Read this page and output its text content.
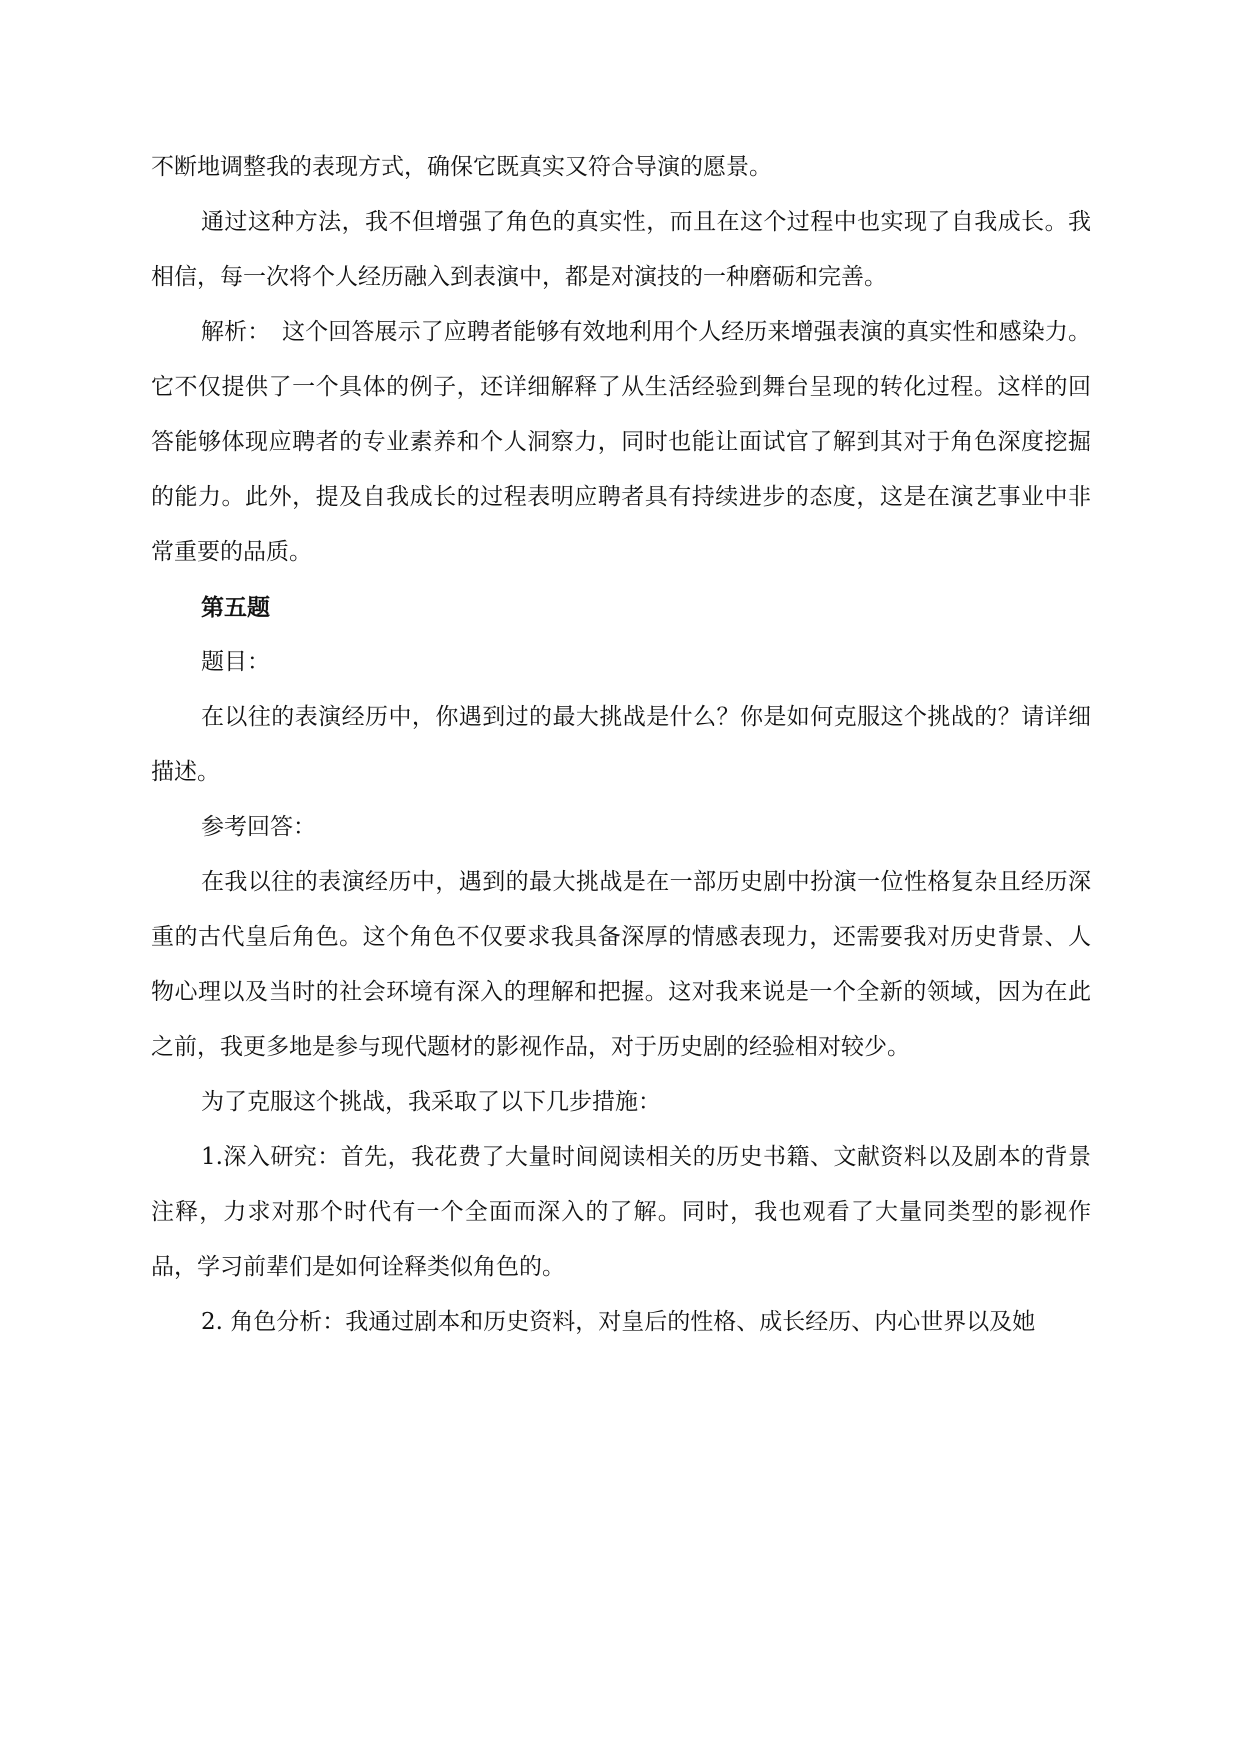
不断地调整我的表现方式，确保它既真实又符合导演的愿景。

通过这种方法，我不但增强了角色的真实性，而且在这个过程中也实现了自我成长。我相信，每一次将个人经历融入到表演中，都是对演技的一种磨砺和完善。

解析：　这个回答展示了应聘者能够有效地利用个人经历来增强表演的真实性和感染力。它不仅提供了一个具体的例子，还详细解释了从生活经验到舞台呈现的转化过程。这样的回答能够体现应聘者的专业素养和个人洞察力，同时也能让面试官了解到其对于角色深度挖掘的能力。此外，提及自我成长的过程表明应聘者具有持续进步的态度，这是在演艺事业中非常重要的品质。

第五题

题目：

在以往的表演经历中，你遇到过的最大挑战是什么？你是如何克服这个挑战的？请详细描述。

参考回答：

在我以往的表演经历中，遇到的最大挑战是在一部历史剧中扮演一位性格复杂且经历深重的古代皇后角色。这个角色不仅要求我具备深厚的情感表现力，还需要我对历史背景、人物心理以及当时的社会环境有深入的理解和把握。这对我来说是一个全新的领域，因为在此之前，我更多地是参与现代题材的影视作品，对于历史剧的经验相对较少。

为了克服这个挑战，我采取了以下几步措施：

1.深入研究：首先，我花费了大量时间阅读相关的历史书籍、文献资料以及剧本的背景注释，力求对那个时代有一个全面而深入的了解。同时，我也观看了大量同类型的影视作品，学习前辈们是如何诠释类似角色的。

2. 角色分析：我通过剧本和历史资料，对皇后的性格、成长经历、内心世界以及她
